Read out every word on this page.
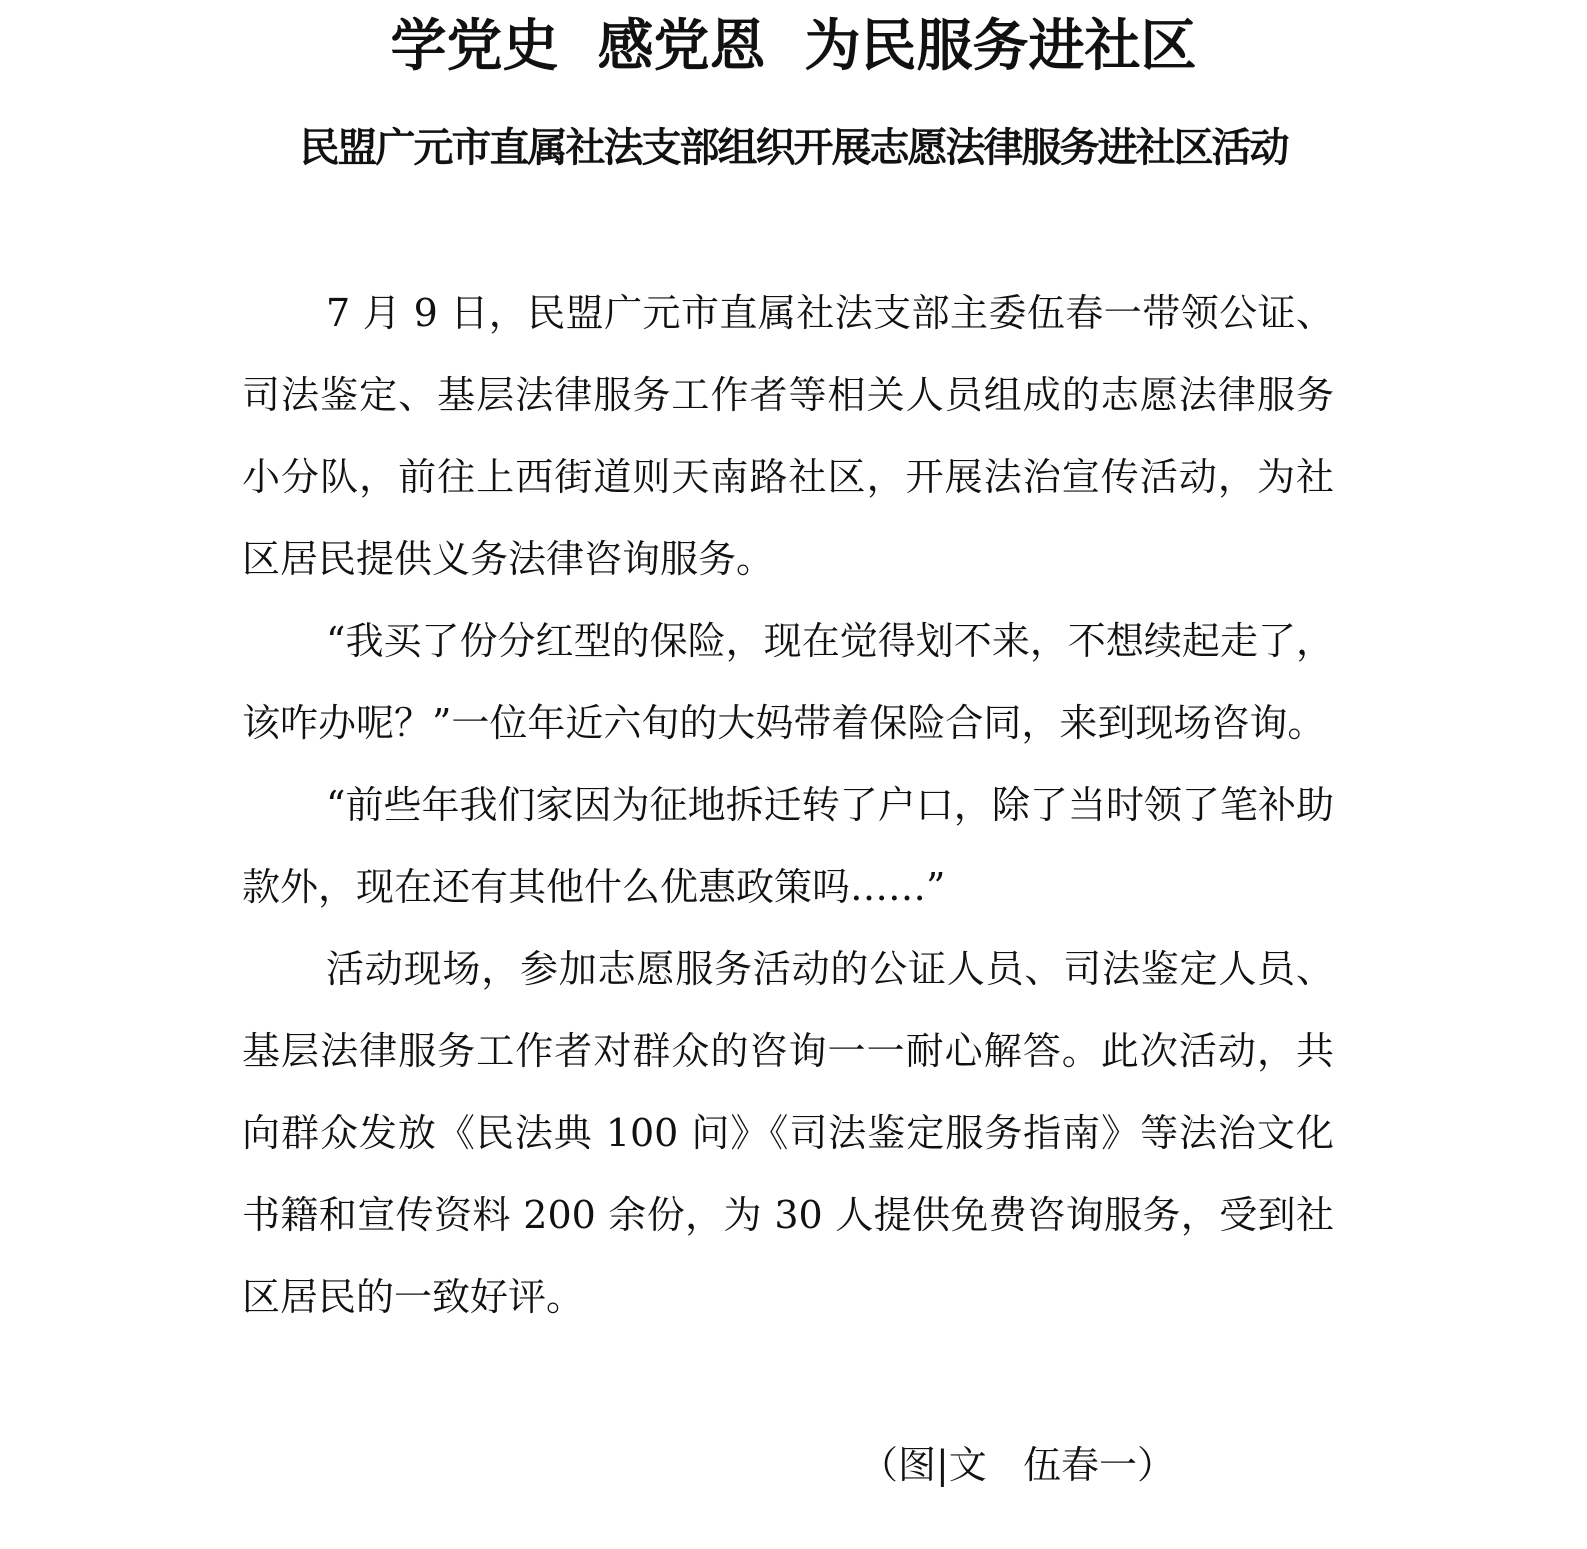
学党史  感党恩  为民服务进社区
民盟广元市直属社法支部组织开展志愿法律服务进社区活动

7 月 9 日，民盟广元市直属社法支部主委伍春一带领公证、司法鉴定、基层法律服务工作者等相关人员组成的志愿法律服务小分队，前往上西街道则天南路社区，开展法治宣传活动，为社区居民提供义务法律咨询服务。

“我买了份分红型的保险，现在觉得划不来，不想续起走了，该咋办呢？”一位年近六旬的大妈带着保险合同，来到现场咨询。

“前些年我们家因为征地拆迁转了户口，除了当时领了笔补助款外，现在还有其他什么优惠政策吗……”

活动现场，参加志愿服务活动的公证人员、司法鉴定人员、基层法律服务工作者对群众的咨询一一耐心解答。此次活动，共向群众发放《民法典 100 问》《司法鉴定服务指南》等法治文化书籍和宣传资料 200 余份，为 30 人提供免费咨询服务，受到社区居民的一致好评。

（图|文   伍春一）
